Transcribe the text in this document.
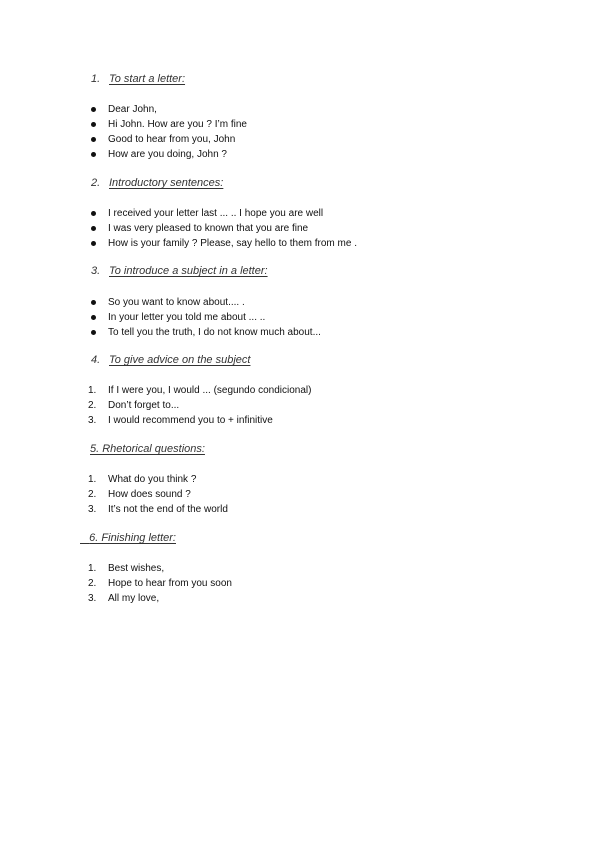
1. To start a letter:
Dear John,
Hi John. How are you ? I’m fine
Good to hear from you, John
How are you doing, John ?
2. Introductory sentences:
I received your letter last ... .. I hope you are well
I was very pleased to known that you are fine
How is your family ? Please, say hello to them from me .
3. To introduce a subject in a letter:
So you want to know about.... .
In your letter you told me about ... ..
To tell you the truth, I do not know much about...
4. To give advice on the subject
1.	If I were you, I would ... (segundo condicional)
2.	Don’t forget to...
3.	I would recommend you to + infinitive
5. Rhetorical questions:
1.	What do you think ?
2.	How does sound ?
3.	It’s not the end of the world
6. Finishing letter:
1.	Best wishes,
2.	Hope to hear from you soon
3.	All my love,
